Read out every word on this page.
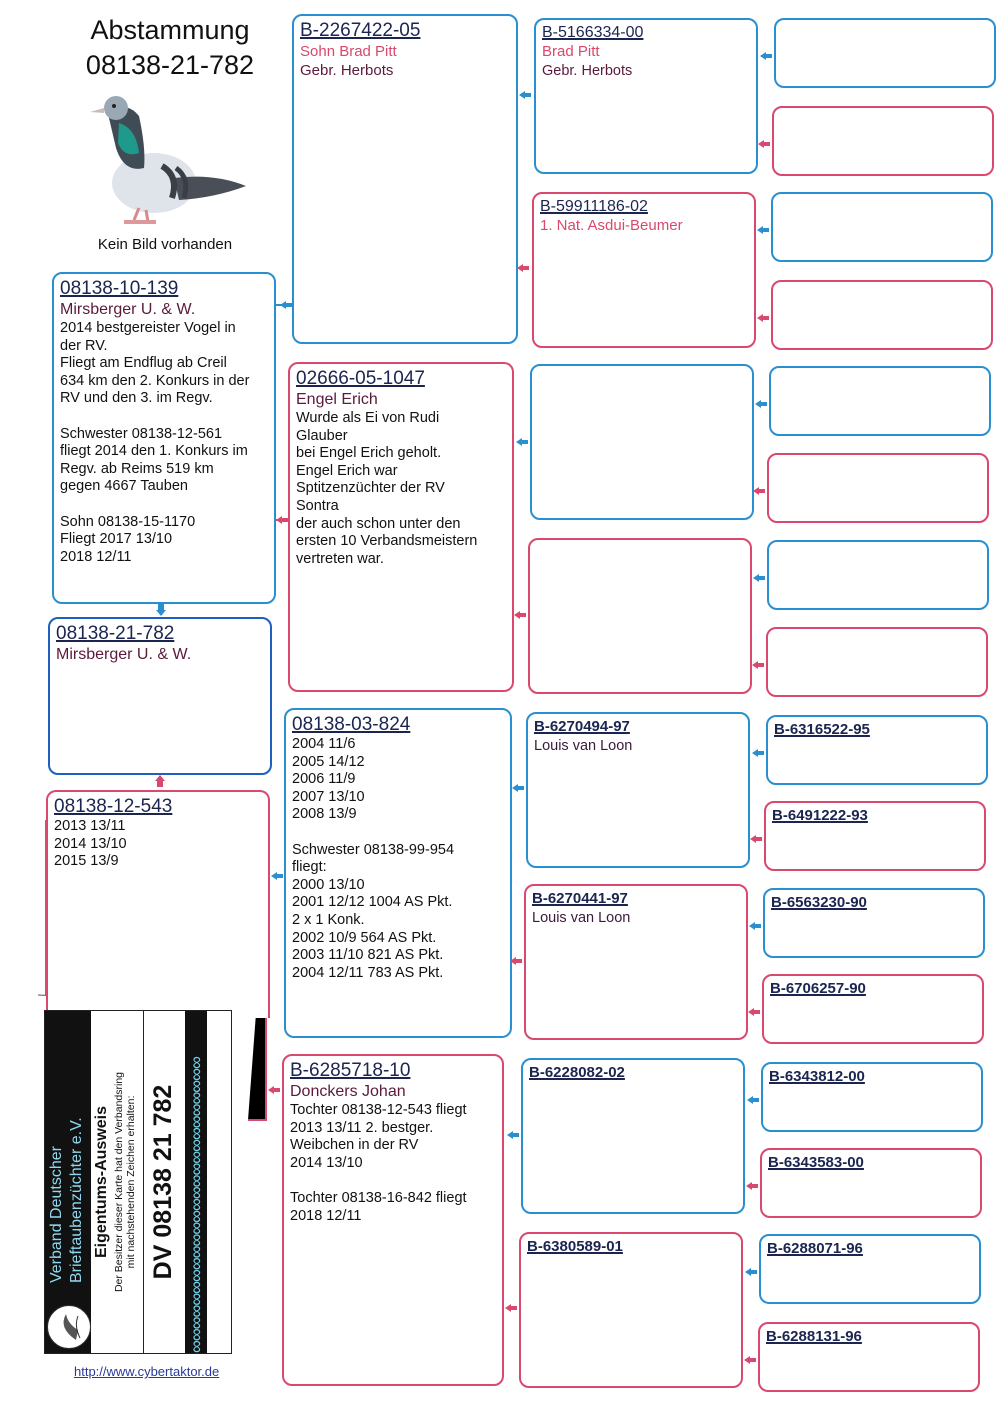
Abstammung
08138-21-782
Kein Bild vorhanden
08138-10-139
Mirsberger U. & W.
2014 bestgereister Vogel in
der RV.
Fliegt am Endflug ab Creil
634 km den 2. Konkurs in der
RV und den 3. im Regv.

Schwester 08138-12-561
fliegt 2014 den 1. Konkurs im
Regv. ab Reims 519 km
gegen 4667 Tauben

Sohn 08138-15-1170
Fliegt 2017 13/10
2018 12/11
08138-21-782
Mirsberger U. & W.
08138-12-543
2013 13/11
2014 13/10
2015 13/9
Verband Deutscher Brieftaubenzüchter e.V. Eigentums-Ausweis Der Besitzer dieser Karte hat den Verbandsring mit nachstehenden Zeichen erhalten: DV 08138 21 782 ∞∞∞∞∞∞∞∞∞∞∞∞∞∞∞∞∞∞∞∞∞∞∞∞∞
http://www.cybertaktor.de
B-2267422-05
Sohn Brad Pitt
Gebr. Herbots
02666-05-1047
Engel Erich
Wurde als Ei von Rudi
Glauber
bei Engel Erich geholt.
Engel Erich war
Sptitzenzüchter der RV
Sontra
der auch schon unter den
ersten 10 Verbandsmeistern
vertreten war.
08138-03-824
2004 11/6
2005 14/12
2006 11/9
2007 13/10
2008 13/9

Schwester 08138-99-954
fliegt:
2000 13/10
2001 12/12 1004 AS Pkt.
2 x 1 Konk.
2002 10/9 564 AS Pkt.
2003 11/10 821 AS Pkt.
2004 12/11 783 AS Pkt.
B-6285718-10
Donckers Johan
Tochter 08138-12-543 fliegt
2013 13/11 2. bestger.
Weibchen in der RV
2014 13/10

Tochter 08138-16-842 fliegt
2018 12/11
B-5166334-00
Brad Pitt
Gebr. Herbots
B-59911186-02
1. Nat. Asdui-Beumer
B-6270494-97
Louis van Loon
B-6270441-97
Louis van Loon
B-6228082-02
B-6380589-01
B-6316522-95
B-6491222-93
B-6563230-90
B-6706257-90
B-6343812-00
B-6343583-00
B-6288071-96
B-6288131-96
